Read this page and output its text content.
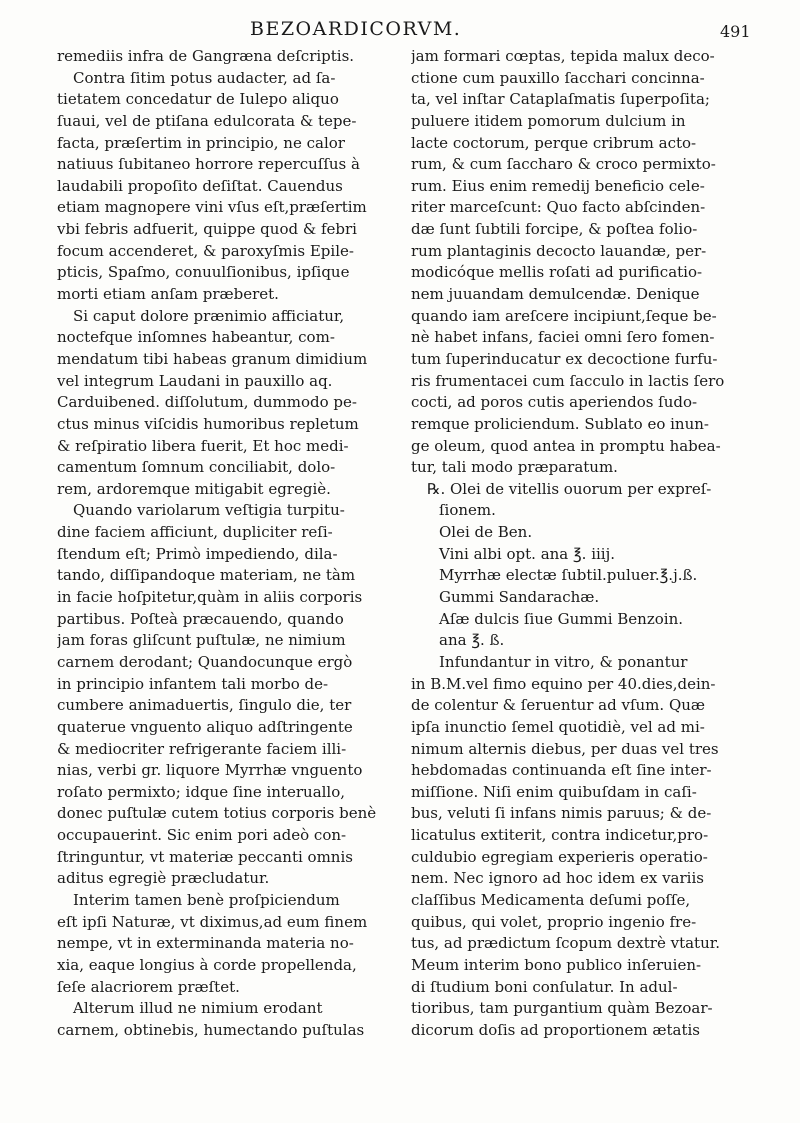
BEZOARDICORVM.	491
remediis infra de Gangræna deſcriptis.
Contra ſitim potus audacter, ad ſa-
tietatem concedatur de Iulepo aliquo
ſuaui, vel de ptiſana edulcorata & tepe-
facta, præſertim in principio, ne calor
natiuus ſubitaneo horrore repercuſſus à
laudabili propoſito deſiſtat. Cauendus
etiam magnopere vini vſus eſt,præſertim
vbi febris adfuerit, quippe quod & febri
focum accenderet, & paroxyſmis Epile-
pticis, Spaſmo, conuulſionibus, ipſique
morti etiam anſam præberet.
Si caput dolore prænimio afficiatur,
noctefque inſomnes habeantur, com-
mendatum tibi habeas granum dimidium
vel integrum Laudani in pauxillo aq.
Carduibened. diſſolutum, dummodo pe-
ctus minus viſcidis humoribus repletum
& reſpiratio libera fuerit, Et hoc medi-
camentum ſomnum conciliabit, dolo-
rem, ardoremque mitigabit egregiè.
Quando variolarum veſtigia turpitu-
dine faciem afficiunt, dupliciter reſi-
ſtendum eſt; Primò impediendo, dila-
tando, diſſipandoque materiam, ne tàm
in facie hoſpitetur,quàm in aliis corporis
partibus. Poſteà præcauendo, quando
jam foras gliſcunt puſtulæ, ne nimium
carnem derodant; Quandocunque ergò
in principio infantem tali morbo de-
cumbere animaduertis, ſingulo die, ter
quaterue vnguento aliquo adſtringente
& mediocriter refrigerante faciem illi-
nias, verbi gr. liquore Myrrhæ vnguento
roſato permixto; idque ſine interuallo,
donec puſtulæ cutem totius corporis benè
occupauerint. Sic enim pori adeò con-
ſtringuntur, vt materiæ peccanti omnis
aditus egregiè præcludatur.
Interim tamen benè proſpiciendum
eſt ipſi Naturæ, vt diximus,ad eum finem
nempe, vt in exterminanda materia no-
xia, eaque longius à corde propellenda,
ſeſe alacriorem præſtet.
Alterum illud ne nimium erodant
carnem, obtinebis, humectando puſtulas
jam formari cœptas, tepida malux deco-
ctione cum pauxillo ſacchari concinna-
ta, vel inſtar Cataplaſmatis ſuperpoſita;
puluere itidem pomorum dulcium in
lacte coctorum, perque cribrum acto-
rum, & cum ſaccharo & croco permixto-
rum. Eius enim remedij beneficio cele-
riter marceſcunt: Quo facto abſcinden-
dæ ſunt ſubtili forcipe, & poſtea folio-
rum plantaginis decocto lauandæ, per-
modicóque mellis roſati ad purificatio-
nem juuandam demulcendæ. Denique
quando iam areſcere incipiunt,ſeque be-
nè habet infans, faciei omni ſero fomen-
tum ſuperinducatur ex decoctione furfu-
ris frumentacei cum ſacculo in lactis ſero
cocti, ad poros cutis aperiendos ſudo-
remque proliciendum. Sublato eo inun-
ge oleum, quod antea in promptu habea-
tur, tali modo præparatum.
℞. Olei de vitellis ouorum per expreſ-
ſionem.
Olei de Ben.
Vini albi opt. ana ℥. iiij.
Myrrhæ electæ ſubtil.puluer.℥.j.ß.
Gummi Sandarachæ.
Aſæ dulcis ſiue Gummi Benzoin.
ana ℥. ß.
Infundantur in vitro, & ponantur
in B.M.vel fimo equino per 40.dies,dein-
de colentur & ſeruentur ad vſum. Quæ
ipſa inunctio ſemel quotidiè, vel ad mi-
nimum alternis diebus, per duas vel tres
hebdomadas continuanda eſt ſine inter-
miſſione. Niſi enim quibuſdam in caſi-
bus, veluti ſi infans nimis paruus; & de-
licatulus extiterit, contra indicetur,pro-
culdubio egregiam experieris operatio-
nem. Nec ignoro ad hoc idem ex variis
claſſibus Medicamenta deſumi poſſe,
quibus, qui volet, proprio ingenio fre-
tus, ad prædictum ſcopum dextrè vtatur.
Meum interim bono publico inſeruien-
di ſtudium boni conſulatur. In adul-
tioribus, tam purgantium quàm Bezoar-
dicorum doſis ad proportionem ætatis
